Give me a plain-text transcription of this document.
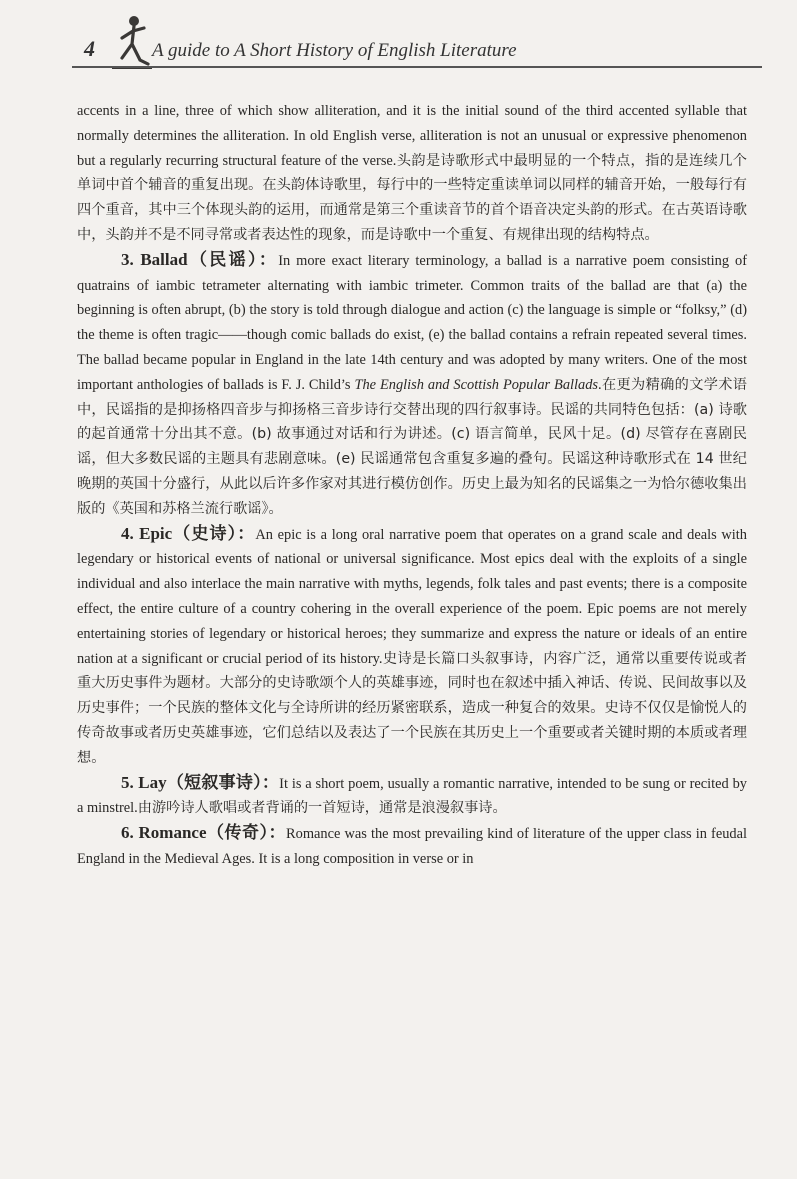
4	A guide to A Short History of English Literature

accents in a line, three of which show alliteration, and it is the initial sound of the third accented syllable that normally determines the alliteration. In old English verse, alliteration is not an unusual or expressive phenomenon but a regularly recurring structural feature of the verse.头韵是诗歌形式中最明显的一个特点，指的是连续几个单词中首个辅音的重复出现。在头韵体诗歌里，每行中的一些特定重读单词以同样的辅音开始，一般每行有四个重音，其中三个体现头韵的运用，而通常是第三个重读音节的首个语音决定头韵的形式。在古英语诗歌中，头韵并不是不同寻常或者表达性的现象，而是诗歌中一个重复、有规律出现的结构特点。

3. Ballad（民谣）：In more exact literary terminology, a ballad is a narrative poem consisting of quatrains of iambic tetrameter alternating with iambic trimeter. Common traits of the ballad are that (a) the beginning is often abrupt, (b) the story is told through dialogue and action (c) the language is simple or “folksy,” (d) the theme is often tragic——though comic ballads do exist, (e) the ballad contains a refrain repeated several times. The ballad became popular in England in the late 14th century and was adopted by many writers. One of the most important anthologies of ballads is F. J. Child’s The English and Scottish Popular Ballads.在更为精确的文学术语中，民谣指的是抑扬格四音步与抑扬格三音步诗行交替出现的四行叙事诗。民谣的共同特色包括：(a) 诗歌的起首通常十分出其不意。(b) 故事通过对话和行为讲述。(c) 语言简单，民风十足。(d) 尽管存在喜剧民谣，但大多数民谣的主题具有悲剧意味。(e) 民谣通常包含重复多遍的叠句。民谣这种诗歌形式在 14 世纪晚期的英国十分盛行，从此以后许多作家对其进行模仿创作。历史上最为知名的民谣集之一为恰尔德收集出版的《英国和苏格兰流行歌谣》。

4. Epic（史诗）：An epic is a long oral narrative poem that operates on a grand scale and deals with legendary or historical events of national or universal significance. Most epics deal with the exploits of a single individual and also interlace the main narrative with myths, legends, folk tales and past events; there is a composite effect, the entire culture of a country cohering in the overall experience of the poem. Epic poems are not merely entertaining stories of legendary or historical heroes; they summarize and express the nature or ideals of an entire nation at a significant or crucial period of its history.史诗是长篇口头叙事诗，内容广泛，通常以重要传说或者重大历史事件为题材。大部分的史诗歌颂个人的英雄事迹，同时也在叙述中插入神话、传说、民间故事以及历史事件；一个民族的整体文化与全诗所讲的经历紧密联系，造成一种复合的效果。史诗不仅仅是愉悦人的传奇故事或者历史英雄事迹，它们总结以及表达了一个民族在其历史上一个重要或者关键时期的本质或者理想。

5. Lay（短叙事诗）：It is a short poem, usually a romantic narrative, intended to be sung or recited by a minstrel.由游吟诗人歌唱或者背诵的一首短诗，通常是浪漫叙事诗。

6. Romance（传奇）：Romance was the most prevailing kind of literature of the upper class in feudal England in the Medieval Ages. It is a long composition in verse or in
